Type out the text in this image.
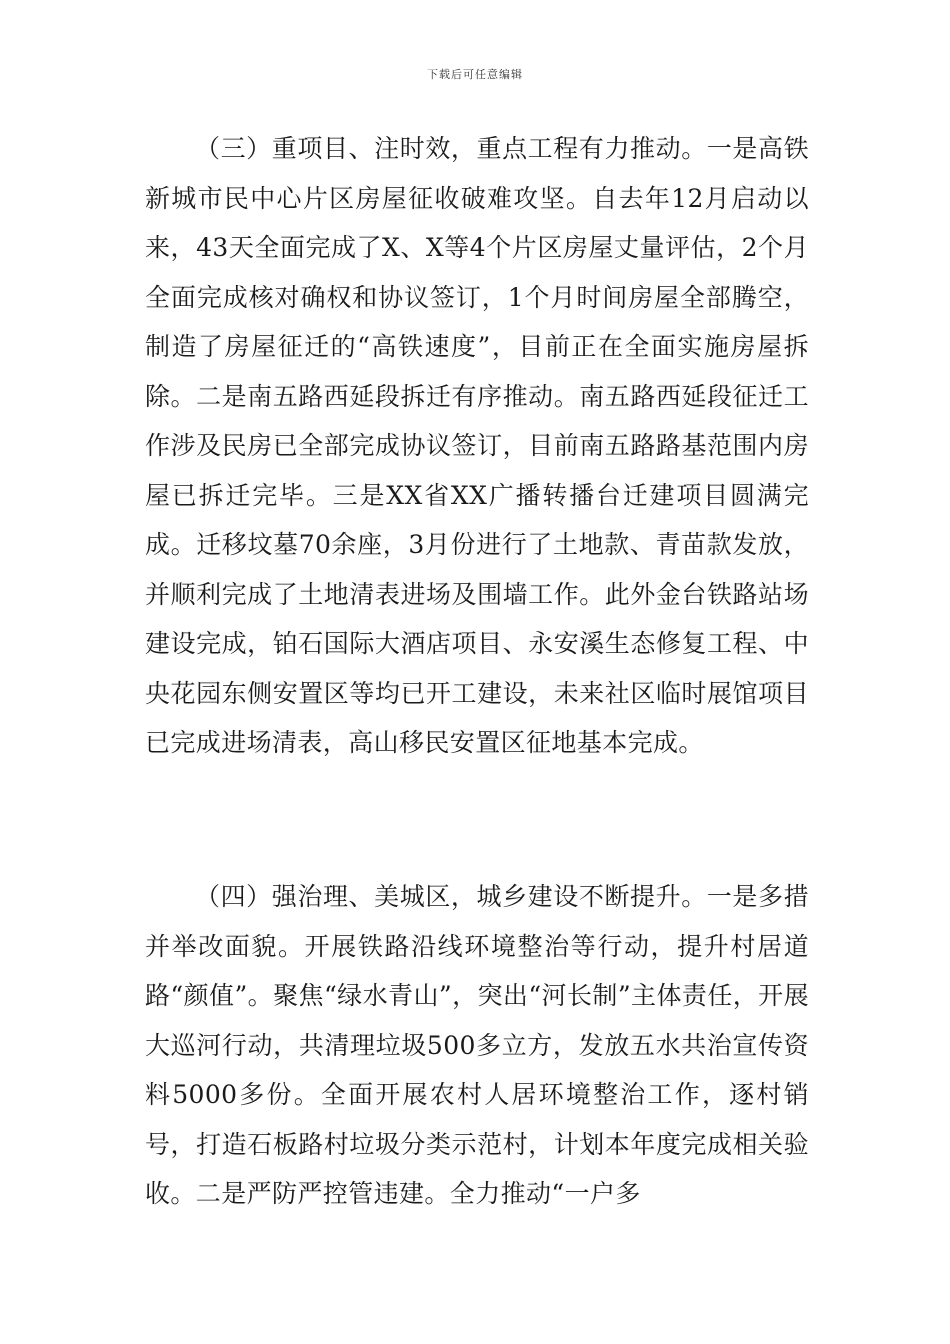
下载后可任意编辑

（三）重项目、注时效，重点工程有力推动。一是高铁新城市民中心片区房屋征收破难攻坚。自去年12月启动以来，43天全面完成了X、X等4个片区房屋丈量评估，2个月全面完成核对确权和协议签订，1个月时间房屋全部腾空，制造了房屋征迁的“高铁速度”，目前正在全面实施房屋拆除。二是南五路西延段拆迁有序推动。南五路西延段征迁工作涉及民房已全部完成协议签订，目前南五路路基范围内房屋已拆迁完毕。三是XX省XX广播转播台迁建项目圆满完成。迁移坟墓70余座，3月份进行了土地款、青苗款发放，并顺利完成了土地清表进场及围墙工作。此外金台铁路站场建设完成，铂石国际大酒店项目、永安溪生态修复工程、中央花园东侧安置区等均已开工建设，未来社区临时展馆项目已完成进场清表，高山移民安置区征地基本完成。

（四）强治理、美城区，城乡建设不断提升。一是多措并举改面貌。开展铁路沿线环境整治等行动，提升村居道路“颜值”。聚焦“绿水青山”，突出“河长制”主体责任，开展大巡河行动，共清理垃圾500多立方，发放五水共治宣传资料5000多份。全面开展农村人居环境整治工作，逐村销号，打造石板路村垃圾分类示范村，计划本年度完成相关验收。二是严防严控管违建。全力推动“一户多
